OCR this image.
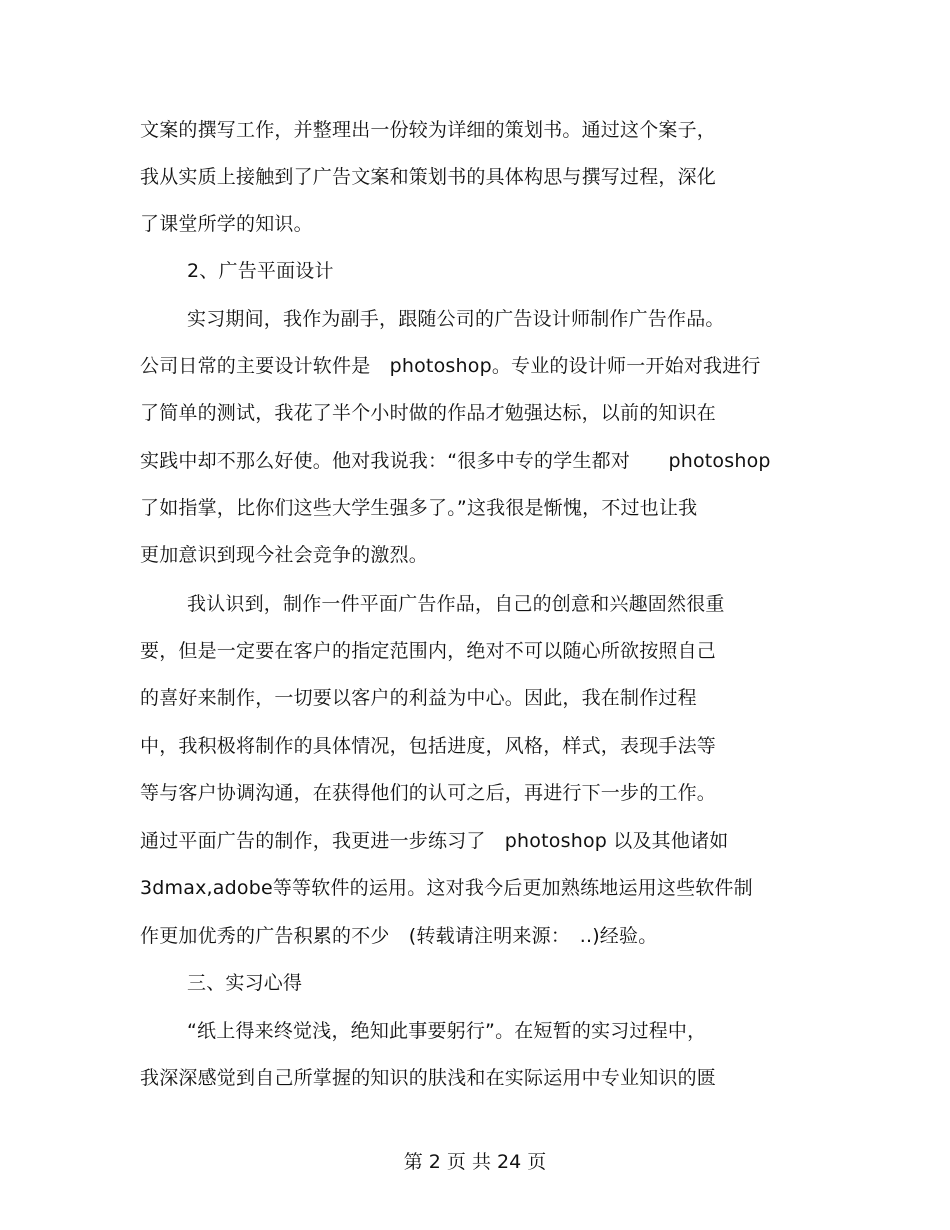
文案的撰写工作，并整理出一份较为详细的策划书。通过这个案子，
我从实质上接触到了广告文案和策划书的具体构思与撰写过程，深化
了课堂所学的知识。
2、广告平面设计
实习期间，我作为副手，跟随公司的广告设计师制作广告作品。
公司日常的主要设计软件是　photoshop。专业的设计师一开始对我进行
了简单的测试，我花了半个小时做的作品才勉强达标，以前的知识在
实践中却不那么好使。他对我说我：“很多中专的学生都对　　photoshop
了如指掌，比你们这些大学生强多了。”这我很是惭愧，不过也让我
更加意识到现今社会竞争的激烈。
我认识到，制作一件平面广告作品，自己的创意和兴趣固然很重
要，但是一定要在客户的指定范围内，绝对不可以随心所欲按照自己
的喜好来制作，一切要以客户的利益为中心。因此，我在制作过程
中，我积极将制作的具体情况，包括进度，风格，样式，表现手法等
等与客户协调沟通，在获得他们的认可之后，再进行下一步的工作。
通过平面广告的制作，我更进一步练习了　photoshop 以及其他诸如
3dmax,adobe等等软件的运用。这对我今后更加熟练地运用这些软件制
作更加优秀的广告积累的不少　(转载请注明来源：　..)经验。
三、实习心得
“纸上得来终觉浅，绝知此事要躬行”。在短暂的实习过程中，
我深深感觉到自己所掌握的知识的肤浅和在实际运用中专业知识的匮
第 2 页 共 24 页
